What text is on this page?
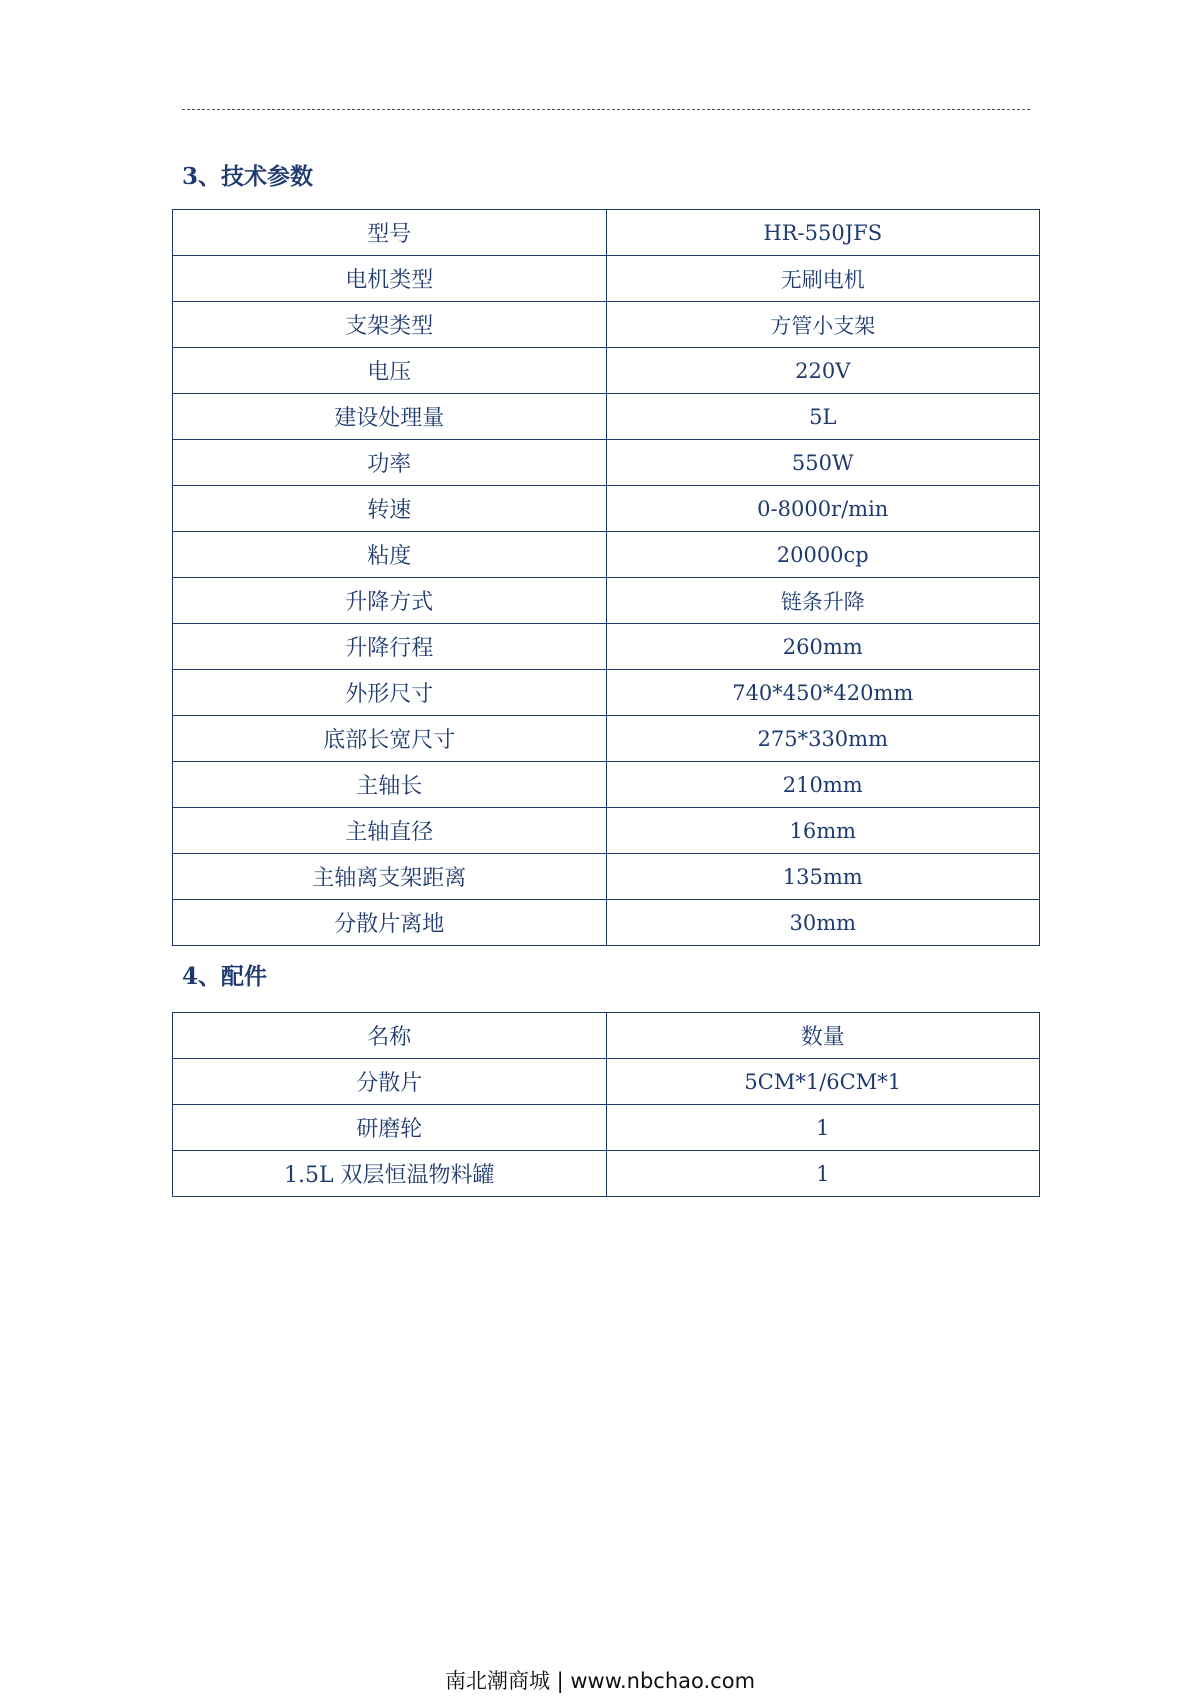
3、技术参数
型号	HR-550JFS
电机类型	无刷电机
支架类型	方管小支架
电压	220V
建设处理量	5L
功率	550W
转速	0-8000r/min
粘度	20000cp
升降方式	链条升降
升降行程	260mm
外形尺寸	740*450*420mm
底部长宽尺寸	275*330mm
主轴长	210mm
主轴直径	16mm
主轴离支架距离	135mm
分散片离地	30mm
4、配件
名称	数量
分散片	5CM*1/6CM*1
研磨轮	1
1.5L 双层恒温物料罐	1
南北潮商城 | www.nbchao.com
